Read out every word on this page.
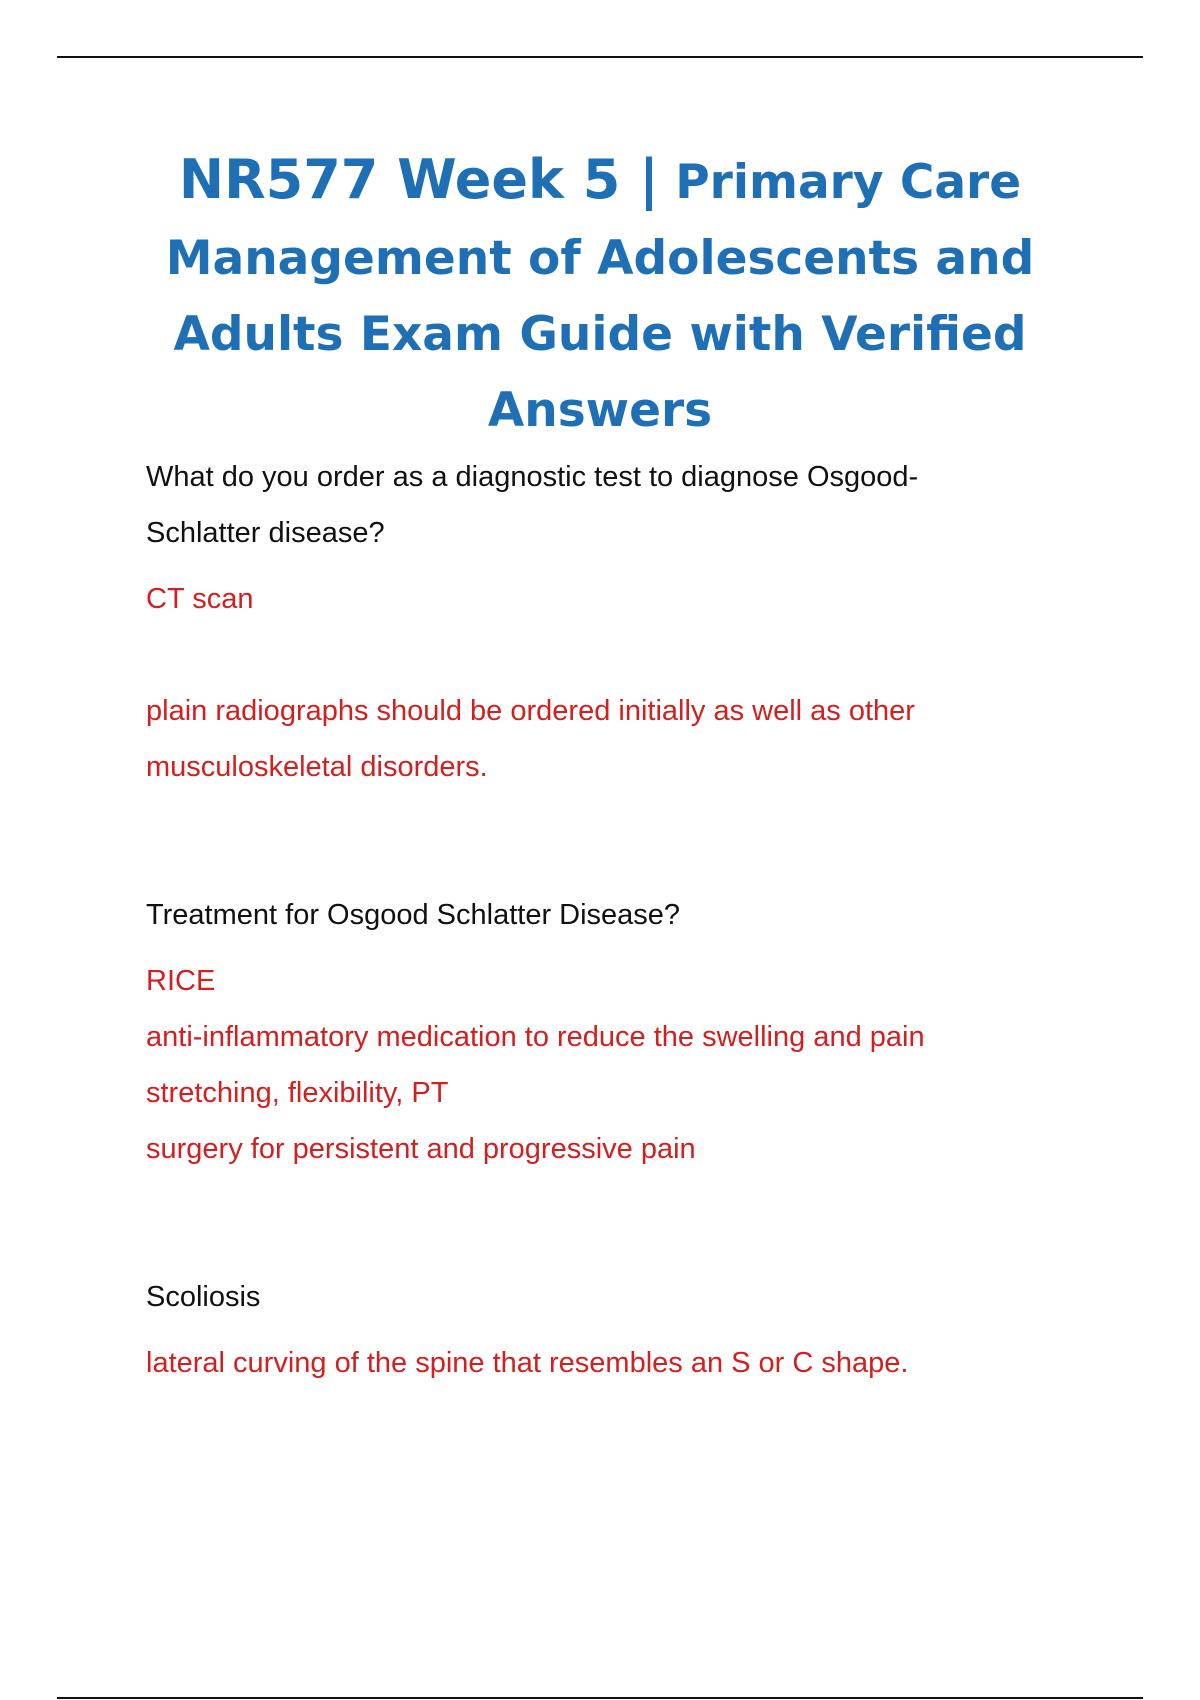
NR577 Week 5 | Primary Care Management of Adolescents and Adults Exam Guide with Verified Answers

What do you order as a diagnostic test to diagnose Osgood-Schlatter disease?

CT scan

plain radiographs should be ordered initially as well as other musculoskeletal disorders.

Treatment for Osgood Schlatter Disease?

RICE

anti-inflammatory medication to reduce the swelling and pain

stretching, flexibility, PT

surgery for persistent and progressive pain

Scoliosis

lateral curving of the spine that resembles an S or C shape.
